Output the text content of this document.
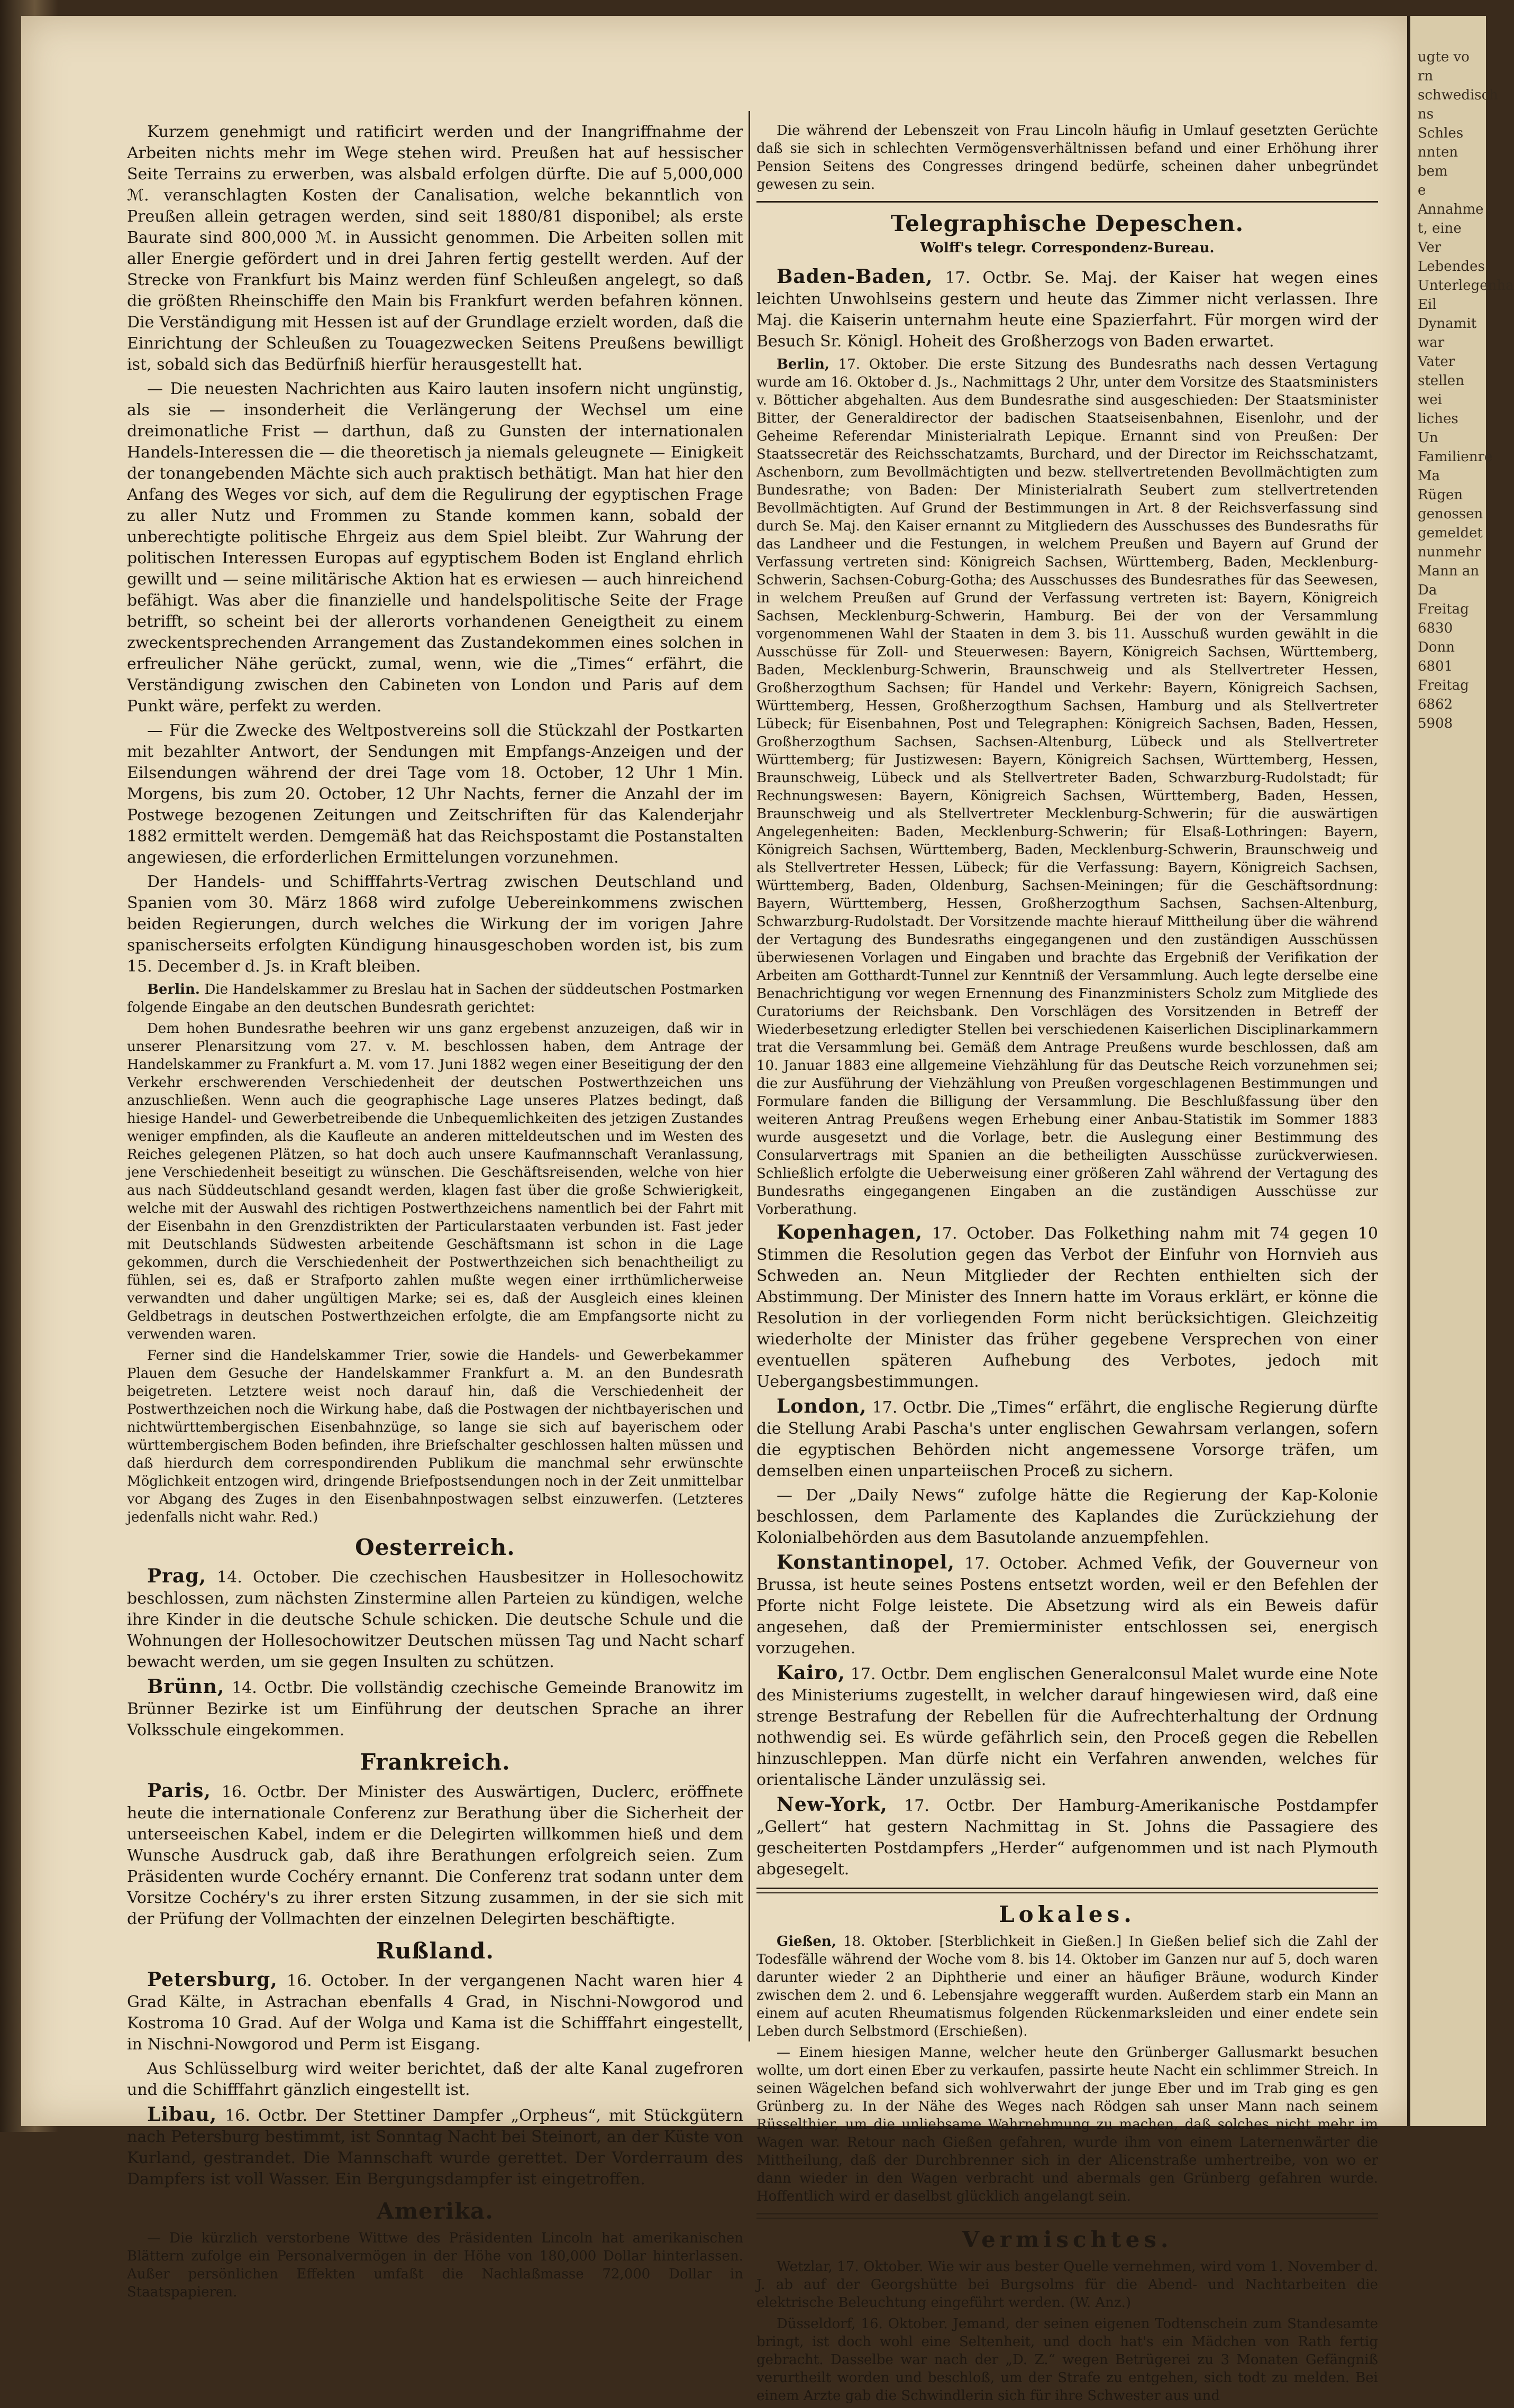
Kurzem genehmigt und ratificirt werden und der Inangriffnahme der Arbeiten nichts mehr im Wege stehen wird. Preußen hat auf hessischer Seite Terrains zu erwerben, was alsbald erfolgen dürfte. Die auf 5,000,000 ℳ. veranschlagten Kosten der Canalisation, welche bekanntlich von Preußen allein getragen werden, sind seit 1880/81 disponibel; als erste Baurate sind 800,000 ℳ. in Aussicht genommen. Die Arbeiten sollen mit aller Energie gefördert und in drei Jahren fertig gestellt werden. Auf der Strecke von Frankfurt bis Mainz werden fünf Schleußen angelegt, so daß die größten Rheinschiffe den Main bis Frankfurt werden befahren können. Die Verständigung mit Hessen ist auf der Grundlage erzielt worden, daß die Einrichtung der Schleußen zu Touagezwecken Seitens Preußens bewilligt ist, sobald sich das Bedürfniß hierfür herausgestellt hat.

— Die neuesten Nachrichten aus Kairo lauten insofern nicht ungünstig, als sie — insonderheit die Verlängerung der Wechsel um eine dreimonatliche Frist — darthun, daß zu Gunsten der internationalen Handels-Interessen die — die theoretisch ja niemals geleugnete — Einigkeit der tonangebenden Mächte sich auch praktisch bethätigt. Man hat hier den Anfang des Weges vor sich, auf dem die Regulirung der egyptischen Frage zu aller Nutz und Frommen zu Stande kommen kann, sobald der unberechtigte politische Ehrgeiz aus dem Spiel bleibt. Zur Wahrung der politischen Interessen Europas auf egyptischem Boden ist England ehrlich gewillt und — seine militärische Aktion hat es erwiesen — auch hinreichend befähigt. Was aber die finanzielle und handelspolitische Seite der Frage betrifft, so scheint bei der allerorts vorhandenen Geneigtheit zu einem zweckentsprechenden Arrangement das Zustandekommen eines solchen in erfreulicher Nähe gerückt, zumal, wenn, wie die „Times“ erfährt, die Verständigung zwischen den Cabineten von London und Paris auf dem Punkt wäre, perfekt zu werden.

— Für die Zwecke des Weltpostvereins soll die Stückzahl der Postkarten mit bezahlter Antwort, der Sendungen mit Empfangs-Anzeigen und der Eilsendungen während der drei Tage vom 18. October, 12 Uhr 1 Min. Morgens, bis zum 20. October, 12 Uhr Nachts, ferner die Anzahl der im Postwege bezogenen Zeitungen und Zeitschriften für das Kalenderjahr 1882 ermittelt werden. Demgemäß hat das Reichspostamt die Postanstalten angewiesen, die erforderlichen Ermittelungen vorzunehmen.

Der Handels- und Schifffahrts-Vertrag zwischen Deutschland und Spanien vom 30. März 1868 wird zufolge Uebereinkommens zwischen beiden Regierungen, durch welches die Wirkung der im vorigen Jahre spanischerseits erfolgten Kündigung hinausgeschoben worden ist, bis zum 15. December d. Js. in Kraft bleiben.

Berlin. Die Handelskammer zu Breslau hat in Sachen der süddeutschen Postmarken folgende Eingabe an den deutschen Bundesrath gerichtet:

Dem hohen Bundesrathe beehren wir uns ganz ergebenst anzuzeigen, daß wir in unserer Plenarsitzung vom 27. v. M. beschlossen haben, dem Antrage der Handelskammer zu Frankfurt a. M. vom 17. Juni 1882 wegen einer Beseitigung der den Verkehr erschwerenden Verschiedenheit der deutschen Postwerthzeichen uns anzuschließen. Wenn auch die geographische Lage unseres Platzes bedingt, daß hiesige Handel- und Gewerbetreibende die Unbequemlichkeiten des jetzigen Zustandes weniger empfinden, als die Kaufleute an anderen mitteldeutschen und im Westen des Reiches gelegenen Plätzen, so hat doch auch unsere Kaufmannschaft Veranlassung, jene Verschiedenheit beseitigt zu wünschen. Die Geschäftsreisenden, welche von hier aus nach Süddeutschland gesandt werden, klagen fast über die große Schwierigkeit, welche mit der Auswahl des richtigen Postwerthzeichens namentlich bei der Fahrt mit der Eisenbahn in den Grenzdistrikten der Particularstaaten verbunden ist. Fast jeder mit Deutschlands Südwesten arbeitende Geschäftsmann ist schon in die Lage gekommen, durch die Verschiedenheit der Postwerthzeichen sich benachtheiligt zu fühlen, sei es, daß er Strafporto zahlen mußte wegen einer irrthümlicherweise verwandten und daher ungültigen Marke; sei es, daß der Ausgleich eines kleinen Geldbetrags in deutschen Postwerthzeichen erfolgte, die am Empfangsorte nicht zu verwenden waren.

Ferner sind die Handelskammer Trier, sowie die Handels- und Gewerbekammer Plauen dem Gesuche der Handelskammer Frankfurt a. M. an den Bundesrath beigetreten. Letztere weist noch darauf hin, daß die Verschiedenheit der Postwerthzeichen noch die Wirkung habe, daß die Postwagen der nichtbayerischen und nichtwürttembergischen Eisenbahnzüge, so lange sie sich auf bayerischem oder württembergischem Boden befinden, ihre Briefschalter geschlossen halten müssen und daß hierdurch dem correspondirenden Publikum die manchmal sehr erwünschte Möglichkeit entzogen wird, dringende Briefpostsendungen noch in der Zeit unmittelbar vor Abgang des Zuges in den Eisenbahnpostwagen selbst einzuwerfen. (Letzteres jedenfalls nicht wahr. Red.)

Oesterreich.

Prag, 14. October. Die czechischen Hausbesitzer in Hollesochowitz beschlossen, zum nächsten Zinstermine allen Parteien zu kündigen, welche ihre Kinder in die deutsche Schule schicken. Die deutsche Schule und die Wohnungen der Hollesochowitzer Deutschen müssen Tag und Nacht scharf bewacht werden, um sie gegen Insulten zu schützen.

Brünn, 14. Octbr. Die vollständig czechische Gemeinde Branowitz im Brünner Bezirke ist um Einführung der deutschen Sprache an ihrer Volksschule eingekommen.

Frankreich.

Paris, 16. Octbr. Der Minister des Auswärtigen, Duclerc, eröffnete heute die internationale Conferenz zur Berathung über die Sicherheit der unterseeischen Kabel, indem er die Delegirten willkommen hieß und dem Wunsche Ausdruck gab, daß ihre Berathungen erfolgreich seien. Zum Präsidenten wurde Cochéry ernannt. Die Conferenz trat sodann unter dem Vorsitze Cochéry's zu ihrer ersten Sitzung zusammen, in der sie sich mit der Prüfung der Vollmachten der einzelnen Delegirten beschäftigte.

Rußland.

Petersburg, 16. October. In der vergangenen Nacht waren hier 4 Grad Kälte, in Astrachan ebenfalls 4 Grad, in Nischni-Nowgorod und Kostroma 10 Grad. Auf der Wolga und Kama ist die Schifffahrt eingestellt, in Nischni-Nowgorod und Perm ist Eisgang.

Aus Schlüsselburg wird weiter berichtet, daß der alte Kanal zugefroren und die Schifffahrt gänzlich eingestellt ist.

Libau, 16. Octbr. Der Stettiner Dampfer „Orpheus“, mit Stückgütern nach Petersburg bestimmt, ist Sonntag Nacht bei Steinort, an der Küste von Kurland, gestrandet. Die Mannschaft wurde gerettet. Der Vorderraum des Dampfers ist voll Wasser. Ein Bergungsdampfer ist eingetroffen.

Amerika.

— Die kürzlich verstorbene Wittwe des Präsidenten Lincoln hat amerikanischen Blättern zufolge ein Personalvermögen in der Höhe von 180,000 Dollar hinterlassen. Außer persönlichen Effekten umfaßt die Nachlaßmasse 72,000 Dollar in Staatspapieren.

Die während der Lebenszeit von Frau Lincoln häufig in Umlauf gesetzten Gerüchte daß sie sich in schlechten Vermögensverhältnissen befand und einer Erhöhung ihrer Pension Seitens des Congresses dringend bedürfe, scheinen daher unbegründet gewesen zu sein.

Telegraphische Depeschen.
Wolff's telegr. Correspondenz-Bureau.

Baden-Baden, 17. Octbr. Se. Maj. der Kaiser hat wegen eines leichten Unwohlseins gestern und heute das Zimmer nicht verlassen. Ihre Maj. die Kaiserin unternahm heute eine Spazierfahrt. Für morgen wird der Besuch Sr. Königl. Hoheit des Großherzogs von Baden erwartet.

Berlin, 17. Oktober. Die erste Sitzung des Bundesraths nach dessen Vertagung wurde am 16. Oktober d. Js., Nachmittags 2 Uhr, unter dem Vorsitze des Staatsministers v. Bötticher abgehalten. Aus dem Bundesrathe sind ausgeschieden: Der Staatsminister Bitter, der Generaldirector der badischen Staatseisenbahnen, Eisenlohr, und der Geheime Referendar Ministerialrath Lepique. Ernannt sind von Preußen: Der Staatssecretär des Reichsschatzamts, Burchard, und der Director im Reichsschatzamt, Aschenborn, zum Bevollmächtigten und bezw. stellvertretenden Bevollmächtigten zum Bundesrathe; von Baden: Der Ministerialrath Seubert zum stellvertretenden Bevollmächtigten. Auf Grund der Bestimmungen in Art. 8 der Reichsverfassung sind durch Se. Maj. den Kaiser ernannt zu Mitgliedern des Ausschusses des Bundesraths für das Landheer und die Festungen, in welchem Preußen und Bayern auf Grund der Verfassung vertreten sind: Königreich Sachsen, Württemberg, Baden, Mecklenburg-Schwerin, Sachsen-Coburg-Gotha; des Ausschusses des Bundesrathes für das Seewesen, in welchem Preußen auf Grund der Verfassung vertreten ist: Bayern, Königreich Sachsen, Mecklenburg-Schwerin, Hamburg. Bei der von der Versammlung vorgenommenen Wahl der Staaten in dem 3. bis 11. Ausschuß wurden gewählt in die Ausschüsse für Zoll- und Steuerwesen: Bayern, Königreich Sachsen, Württemberg, Baden, Mecklenburg-Schwerin, Braunschweig und als Stellvertreter Hessen, Großherzogthum Sachsen; für Handel und Verkehr: Bayern, Königreich Sachsen, Württemberg, Hessen, Großherzogthum Sachsen, Hamburg und als Stellvertreter Lübeck; für Eisenbahnen, Post und Telegraphen: Königreich Sachsen, Baden, Hessen, Großherzogthum Sachsen, Sachsen-Altenburg, Lübeck und als Stellvertreter Württemberg; für Justizwesen: Bayern, Königreich Sachsen, Württemberg, Hessen, Braunschweig, Lübeck und als Stellvertreter Baden, Schwarzburg-Rudolstadt; für Rechnungswesen: Bayern, Königreich Sachsen, Württemberg, Baden, Hessen, Braunschweig und als Stellvertreter Mecklenburg-Schwerin; für die auswärtigen Angelegenheiten: Baden, Mecklenburg-Schwerin; für Elsaß-Lothringen: Bayern, Königreich Sachsen, Württemberg, Baden, Mecklenburg-Schwerin, Braunschweig und als Stellvertreter Hessen, Lübeck; für die Verfassung: Bayern, Königreich Sachsen, Württemberg, Baden, Oldenburg, Sachsen-Meiningen; für die Geschäftsordnung: Bayern, Württemberg, Hessen, Großherzogthum Sachsen, Sachsen-Altenburg, Schwarzburg-Rudolstadt. Der Vorsitzende machte hierauf Mittheilung über die während der Vertagung des Bundesraths eingegangenen und den zuständigen Ausschüssen überwiesenen Vorlagen und Eingaben und brachte das Ergebniß der Verifikation der Arbeiten am Gotthardt-Tunnel zur Kenntniß der Versammlung. Auch legte derselbe eine Benachrichtigung vor wegen Ernennung des Finanzministers Scholz zum Mitgliede des Curatoriums der Reichsbank. Den Vorschlägen des Vorsitzenden in Betreff der Wiederbesetzung erledigter Stellen bei verschiedenen Kaiserlichen Disciplinarkammern trat die Versammlung bei. Gemäß dem Antrage Preußens wurde beschlossen, daß am 10. Januar 1883 eine allgemeine Viehzählung für das Deutsche Reich vorzunehmen sei; die zur Ausführung der Viehzählung von Preußen vorgeschlagenen Bestimmungen und Formulare fanden die Billigung der Versammlung. Die Beschlußfassung über den weiteren Antrag Preußens wegen Erhebung einer Anbau-Statistik im Sommer 1883 wurde ausgesetzt und die Vorlage, betr. die Auslegung einer Bestimmung des Consularvertrags mit Spanien an die betheiligten Ausschüsse zurückverwiesen. Schließlich erfolgte die Ueberweisung einer größeren Zahl während der Vertagung des Bundesraths eingegangenen Eingaben an die zuständigen Ausschüsse zur Vorberathung.

Kopenhagen, 17. October. Das Folkething nahm mit 74 gegen 10 Stimmen die Resolution gegen das Verbot der Einfuhr von Hornvieh aus Schweden an. Neun Mitglieder der Rechten enthielten sich der Abstimmung. Der Minister des Innern hatte im Voraus erklärt, er könne die Resolution in der vorliegenden Form nicht berücksichtigen. Gleichzeitig wiederholte der Minister das früher gegebene Versprechen von einer eventuellen späteren Aufhebung des Verbotes, jedoch mit Uebergangsbestimmungen.

London, 17. Octbr. Die „Times“ erfährt, die englische Regierung dürfte die Stellung Arabi Pascha's unter englischen Gewahrsam verlangen, sofern die egyptischen Behörden nicht angemessene Vorsorge träfen, um demselben einen unparteiischen Proceß zu sichern.

— Der „Daily News“ zufolge hätte die Regierung der Kap-Kolonie beschlossen, dem Parlamente des Kaplandes die Zurückziehung der Kolonialbehörden aus dem Basutolande anzuempfehlen.

Konstantinopel, 17. October. Achmed Vefik, der Gouverneur von Brussa, ist heute seines Postens entsetzt worden, weil er den Befehlen der Pforte nicht Folge leistete. Die Absetzung wird als ein Beweis dafür angesehen, daß der Premierminister entschlossen sei, energisch vorzugehen.

Kairo, 17. Octbr. Dem englischen Generalconsul Malet wurde eine Note des Ministeriums zugestellt, in welcher darauf hingewiesen wird, daß eine strenge Bestrafung der Rebellen für die Aufrechterhaltung der Ordnung nothwendig sei. Es würde gefährlich sein, den Proceß gegen die Rebellen hinzuschleppen. Man dürfe nicht ein Verfahren anwenden, welches für orientalische Länder unzulässig sei.

New-York, 17. Octbr. Der Hamburg-Amerikanische Postdampfer „Gellert“ hat gestern Nachmittag in St. Johns die Passagiere des gescheiterten Postdampfers „Herder“ aufgenommen und ist nach Plymouth abgesegelt.

Lokales.

Gießen, 18. Oktober. [Sterblichkeit in Gießen.] In Gießen belief sich die Zahl der Todesfälle während der Woche vom 8. bis 14. Oktober im Ganzen nur auf 5, doch waren darunter wieder 2 an Diphtherie und einer an häufiger Bräune, wodurch Kinder zwischen dem 2. und 6. Lebensjahre weggerafft wurden. Außerdem starb ein Mann an einem auf acuten Rheumatismus folgenden Rückenmarksleiden und einer endete sein Leben durch Selbstmord (Erschießen).

— Einem hiesigen Manne, welcher heute den Grünberger Gallusmarkt besuchen wollte, um dort einen Eber zu verkaufen, passirte heute Nacht ein schlimmer Streich. In seinen Wägelchen befand sich wohlverwahrt der junge Eber und im Trab ging es gen Grünberg zu. In der Nähe des Weges nach Rödgen sah unser Mann nach seinem Rüsselthier, um die unliebsame Wahrnehmung zu machen, daß solches nicht mehr im Wagen war. Retour nach Gießen gefahren, wurde ihm von einem Laternenwärter die Mittheilung, daß der Durchbrenner sich in der Alicenstraße umhertreibe, von wo er dann wieder in den Wagen verbracht und abermals gen Grünberg gefahren wurde. Hoffentlich wird er daselbst glücklich angelangt sein.

Vermischtes.

Wetzlar, 17. Oktober. Wie wir aus bester Quelle vernehmen, wird vom 1. November d. J. ab auf der Georgshütte bei Burgsolms für die Abend- und Nachtarbeiten die elektrische Beleuchtung eingeführt werden. (W. Anz.)

Düsseldorf, 16. Oktober. Jemand, der seinen eigenen Todtenschein zum Standesamte bringt, ist doch wohl eine Seltenheit, und doch hat's ein Mädchen von Rath fertig gebracht. Dasselbe war nach der „D. Z.“ wegen Betrügerei zu 3 Monaten Gefängniß verurtheilt worden und beschloß, um der Strafe zu entgehen, sich todt zu melden. Bei einem Arzte gab die Schwindlerin sich für ihre Schwester aus und

ugte vo
rn schwedisch
ns Schles
nnten bem
e Annahme
t, eine Ver
Lebendes
Unterlegenha
Eil
Dynamit
war Vater
stellen wei
liches Un
Familienre
Ma
Rügen
genossen
gemeldet
nunmehr
Mann an
Da
Freitag
6830
Donn
6801
Freitag
6862
5908
